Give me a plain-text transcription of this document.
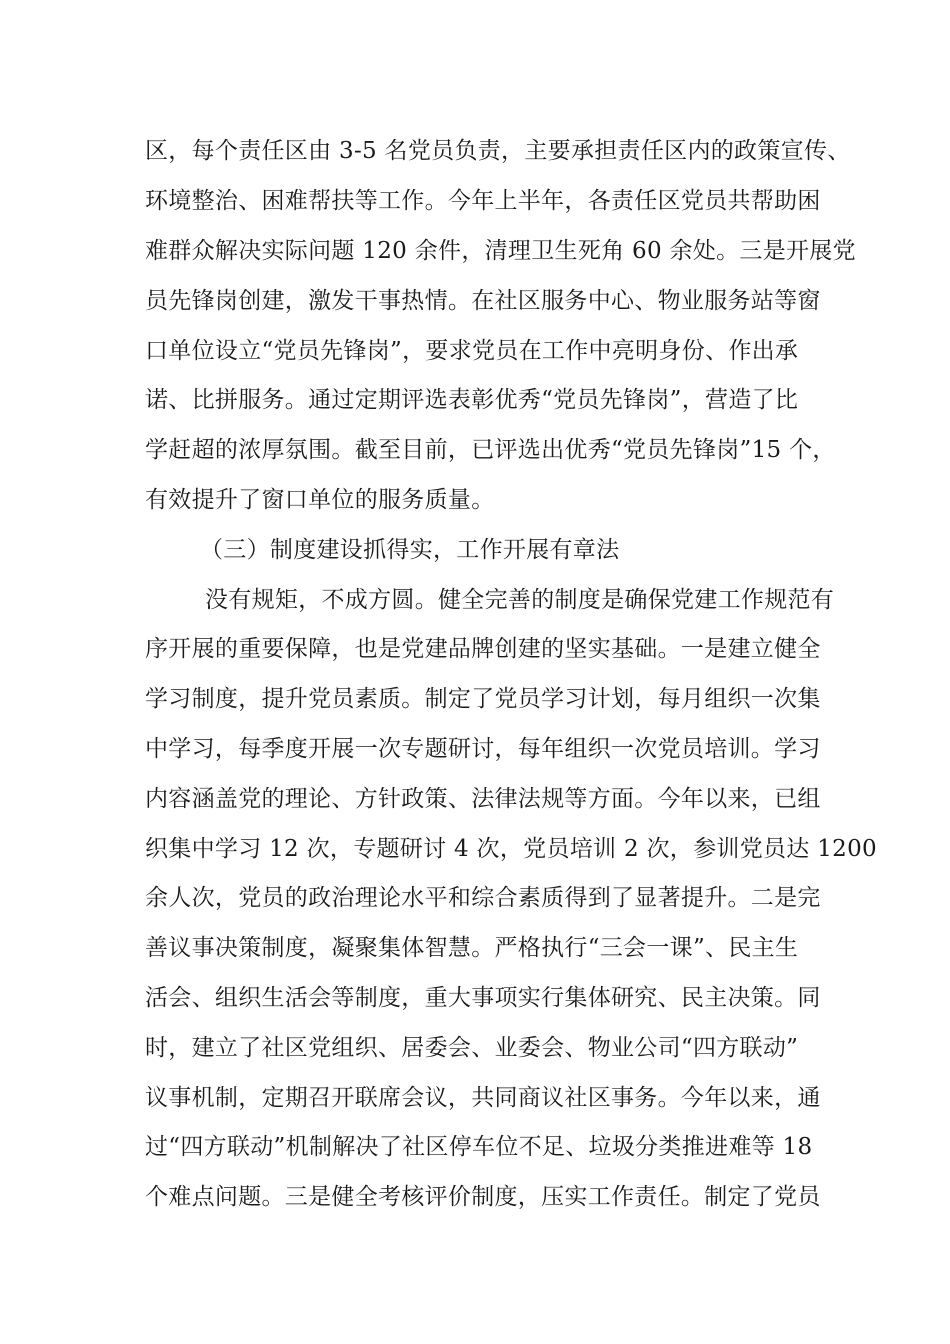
区，每个责任区由 3-5 名党员负责，主要承担责任区内的政策宣传、
环境整治、困难帮扶等工作。今年上半年，各责任区党员共帮助困
难群众解决实际问题 120 余件，清理卫生死角 60 余处。三是开展党
员先锋岗创建，激发干事热情。在社区服务中心、物业服务站等窗
口单位设立“党员先锋岗”，要求党员在工作中亮明身份、作出承
诺、比拼服务。通过定期评选表彰优秀“党员先锋岗”，营造了比
学赶超的浓厚氛围。截至目前，已评选出优秀“党员先锋岗”15 个，
有效提升了窗口单位的服务质量。
（三）制度建设抓得实，工作开展有章法
没有规矩，不成方圆。健全完善的制度是确保党建工作规范有
序开展的重要保障，也是党建品牌创建的坚实基础。一是建立健全
学习制度，提升党员素质。制定了党员学习计划，每月组织一次集
中学习，每季度开展一次专题研讨，每年组织一次党员培训。学习
内容涵盖党的理论、方针政策、法律法规等方面。今年以来，已组
织集中学习 12 次，专题研讨 4 次，党员培训 2 次，参训党员达 1200
余人次，党员的政治理论水平和综合素质得到了显著提升。二是完
善议事决策制度，凝聚集体智慧。严格执行“三会一课”、民主生
活会、组织生活会等制度，重大事项实行集体研究、民主决策。同
时，建立了社区党组织、居委会、业委会、物业公司“四方联动”
议事机制，定期召开联席会议，共同商议社区事务。今年以来，通
过“四方联动”机制解决了社区停车位不足、垃圾分类推进难等 18
个难点问题。三是健全考核评价制度，压实工作责任。制定了党员
